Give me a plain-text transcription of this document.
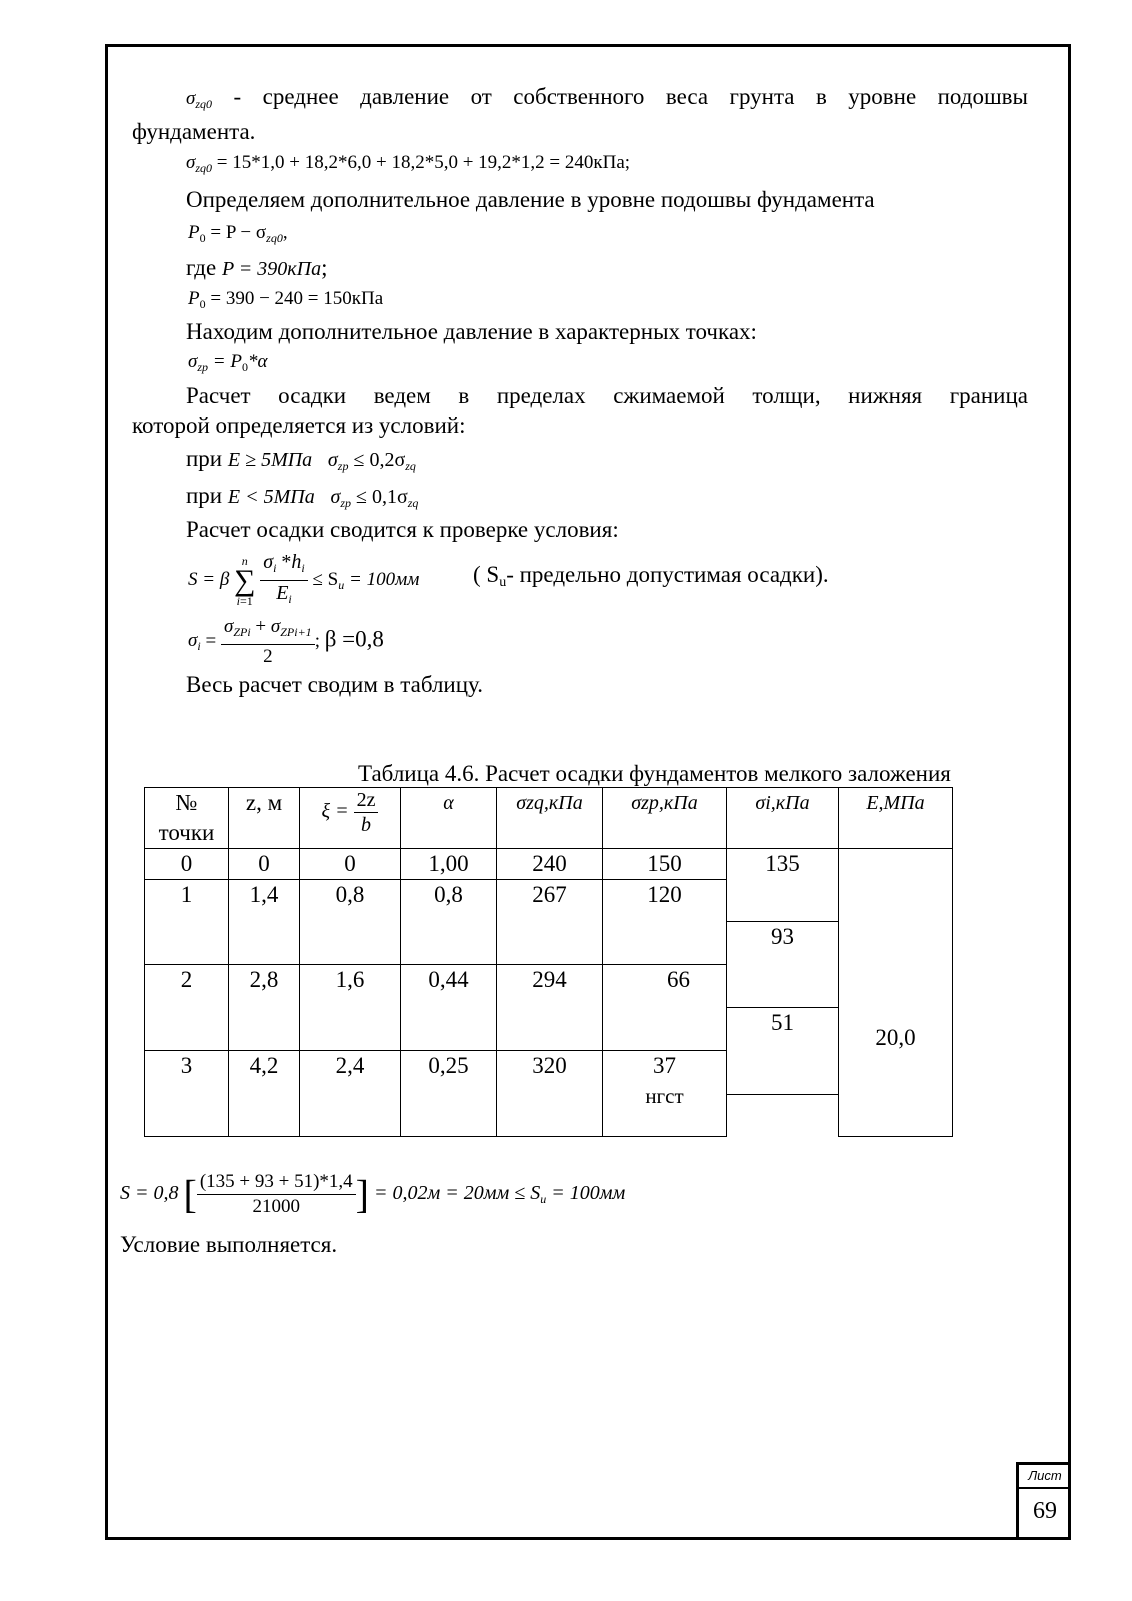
$\sigma_{zq0}$ - среднее давление от собственного веса грунта в уровне подошвы
фундамента.
$\sigma_{zq0} = 15*1,0 + 18,2*6,0 + 18,2*5,0 + 19,2*1,2 = 240кПа$;
Определяем дополнительное давление в уровне подошвы фундамента
$P_0 = P - \sigma_{zq0}$,
где P = 390кПа;
$P_0 = 390 - 240 = 150кПа$
Находим дополнительное давление в характерных точках:
$\sigma_{zp} = P_0*\alpha$
Расчет осадки ведем в пределах сжимаемой толщи, нижняя граница
которой определяется из условий:
при E ≥ 5МПа $\sigma_{zp} \le 0,2\sigma_{zq}$
при E < 5МПа $\sigma_{zp} \le 0,1\sigma_{zq}$
Расчет осадки сводится к проверке условия:
S = β n
∑
$i=1 \frac{\sigma_i *h_i}{E_i} \le S_u = 100мм$ ( $S_u-$ предельно допустимая осадки).
$\sigma_i = \frac{\sigma_{ZPi} + \sigma_{ZPi+1}}{2}$ ; β =0,8
Весь расчет сводим в таблицу.
Таблица 4.6. Расчет осадки фундаментов мелкого заложения
№ точки	z, м	$\xi = \frac{2z}{b}$	α	σzq,кПа	σzp,кПа	σi,кПа	E,МПа
0	0	0	1,00	240	150	135	20,0
1	1,4	0,8	0,8	267	120		
						93	
2	2,8	1,6	0,44	294	66		
						51	
3	4,2	2,4	0,25	320	37
нгст		

S = 0,8 [ $\frac{(135 + 93 + 51)*1,4}{21000}$ ] = $0,02м = 20мм \le S_u = 100мм$
Условие выполняется.
Лист
69
